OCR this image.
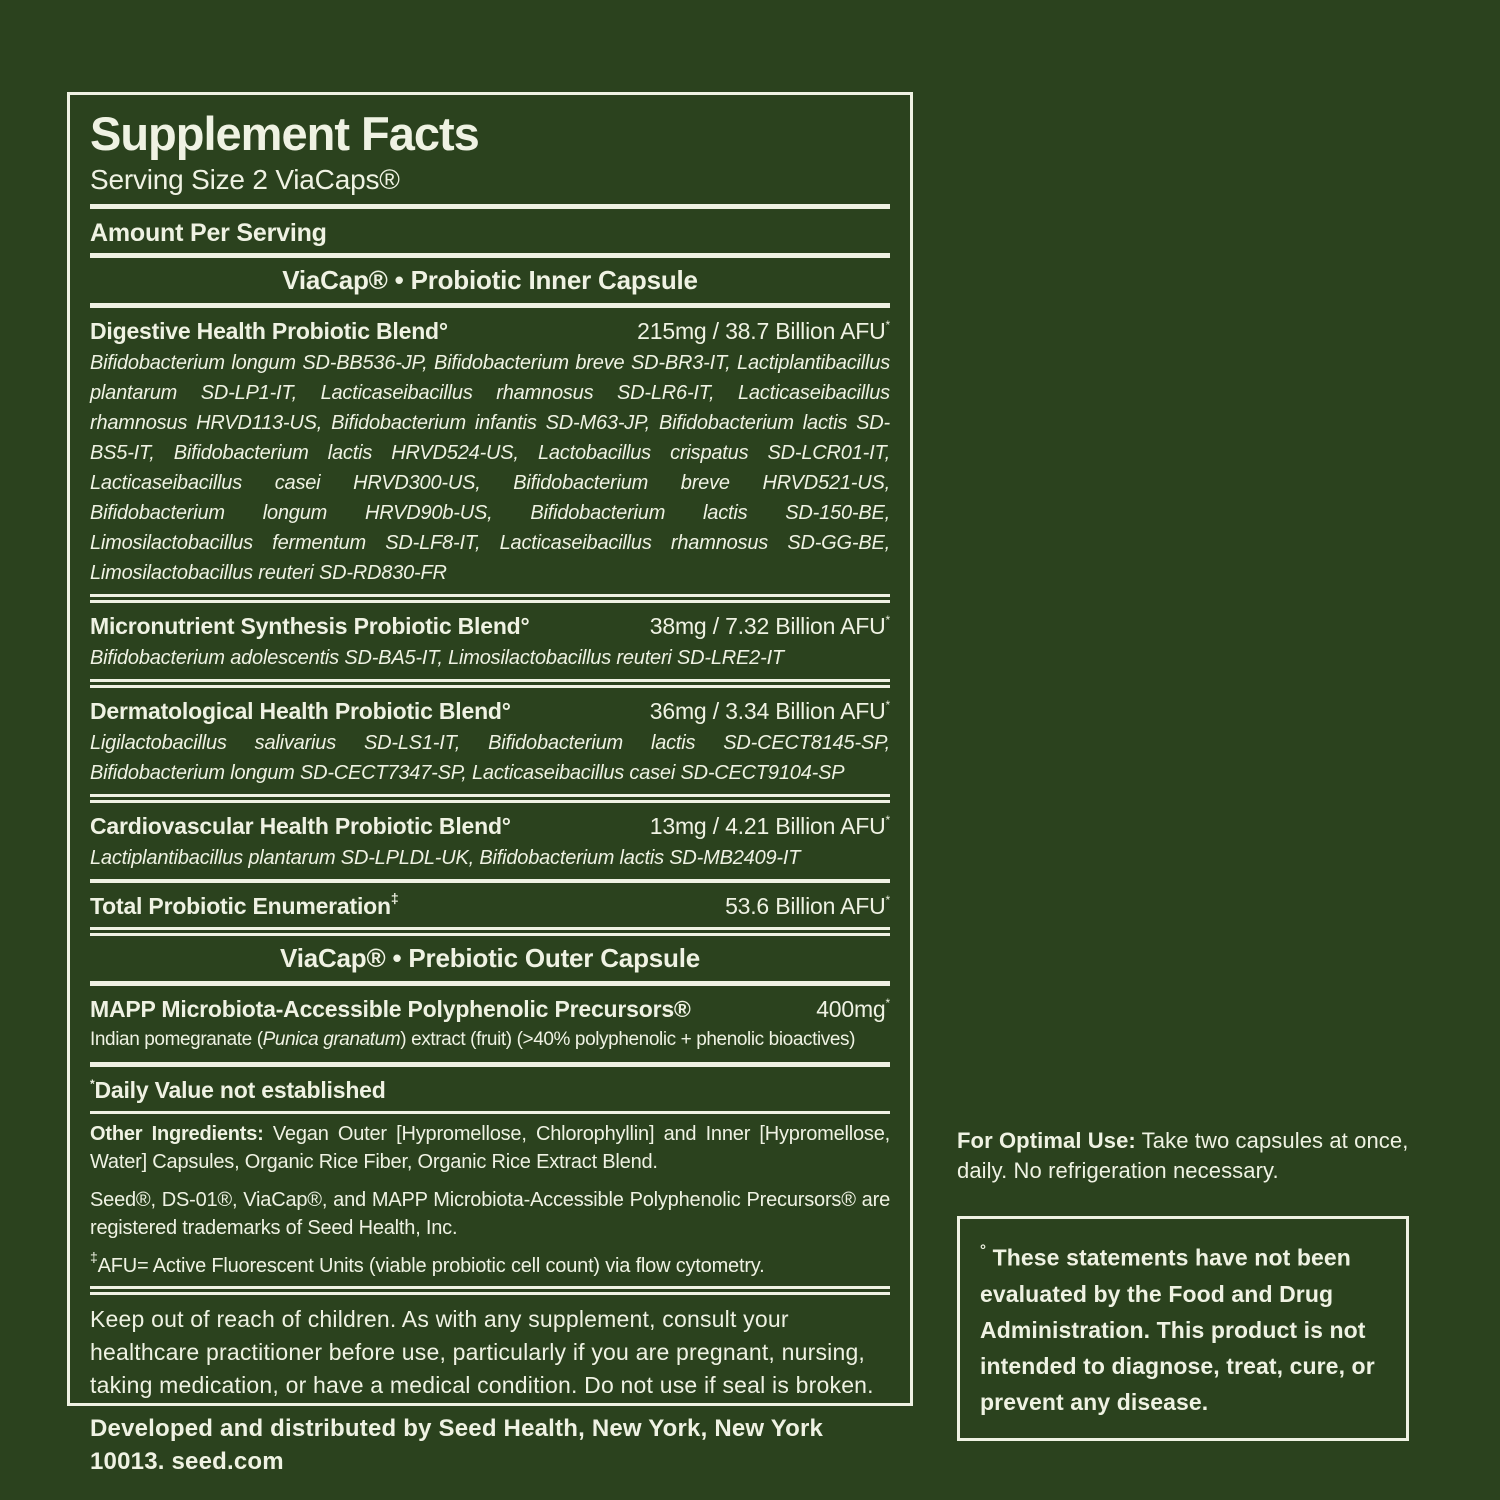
Supplement Facts

Serving Size 2 ViaCaps®

Amount Per Serving

ViaCap® • Probiotic Inner Capsule

Digestive Health Probiotic Blend°	215mg / 38.7 Billion AFU*

Bifidobacterium longum SD-BB536-JP, Bifidobacterium breve SD-BR3-IT, Lactiplantibacillus plantarum SD-LP1-IT, Lacticaseibacillus rhamnosus SD-LR6-IT, Lacticaseibacillus rhamnosus HRVD113-US, Bifidobacterium infantis SD-M63-JP, Bifidobacterium lactis SD-BS5-IT, Bifidobacterium lactis HRVD524-US, Lactobacillus crispatus SD-LCR01-IT, Lacticaseibacillus casei HRVD300-US, Bifidobacterium breve HRVD521-US, Bifidobacterium longum HRVD90b-US, Bifidobacterium lactis SD-150-BE, Limosilactobacillus fermentum SD-LF8-IT, Lacticaseibacillus rhamnosus SD-GG-BE, Limosilactobacillus reuteri SD-RD830-FR

Micronutrient Synthesis Probiotic Blend°	38mg / 7.32 Billion AFU*

Bifidobacterium adolescentis SD-BA5-IT, Limosilactobacillus reuteri SD-LRE2-IT

Dermatological Health Probiotic Blend°	36mg / 3.34 Billion AFU*

Ligilactobacillus salivarius SD-LS1-IT, Bifidobacterium lactis SD-CECT8145-SP, Bifidobacterium longum SD-CECT7347-SP, Lacticaseibacillus casei SD-CECT9104-SP

Cardiovascular Health Probiotic Blend°	13mg / 4.21 Billion AFU*

Lactiplantibacillus plantarum SD-LPLDL-UK, Bifidobacterium lactis SD-MB2409-IT

Total Probiotic Enumeration‡	53.6 Billion AFU*

ViaCap® • Prebiotic Outer Capsule

MAPP Microbiota-Accessible Polyphenolic Precursors®	400mg*

Indian pomegranate (Punica granatum) extract (fruit) (>40% polyphenolic + phenolic bioactives)

*Daily Value not established

Other Ingredients: Vegan Outer [Hypromellose, Chlorophyllin] and Inner [Hypromellose, Water] Capsules, Organic Rice Fiber, Organic Rice Extract Blend.

Seed®, DS-01®, ViaCap®, and MAPP Microbiota-Accessible Polyphenolic Precursors® are registered trademarks of Seed Health, Inc.

‡AFU= Active Fluorescent Units (viable probiotic cell count) via flow cytometry.

Keep out of reach of children. As with any supplement, consult your healthcare practitioner before use, particularly if you are pregnant, nursing, taking medication, or have a medical condition. Do not use if seal is broken.

Developed and distributed by Seed Health, New York, New York 10013. seed.com

For Optimal Use: Take two capsules at once, daily. No refrigeration necessary.

° These statements have not been evaluated by the Food and Drug Administration. This product is not intended to diagnose, treat, cure, or prevent any disease.
